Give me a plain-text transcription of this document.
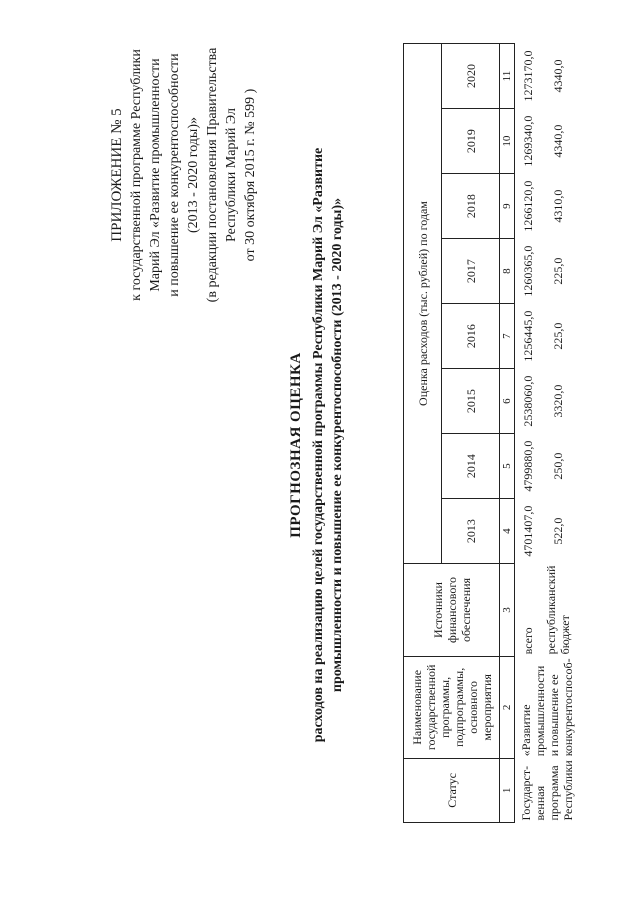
ПРИЛОЖЕНИЕ № 5 к государственной программе Республики Марий Эл «Развитие промышленности и повышение ее конкурентоспособности (2013 - 2020 годы)» (в редакции постановления Правительства Республики Марий Эл от 30 октября 2015 г. № 599 )
ПРОГНОЗНАЯ ОЦЕНКА расходов на реализацию целей государственной программы Республики Марий Эл «Развитие промышленности и повышение ее конкурентоспособности (2013 - 2020 годы)»
Статус	Наименование государственной программы, подпрограммы, основного мероприятия	Источники финансового обеспечения	Оценка расходов (тыс. рублей) по годам							
			2013	2014	2015	2016	2017	2018	2019	2020
1	2	3	4	5	6	7	8	9	10	11
Государст-венная программа Республики	«Развитие промышленности и повышение ее конкурентоспособ-	всего	4701407,0	4799880,0	2538060,0	1256445,0	1260365,0	1266120,0	1269340,0	1273170,0
		республиканский бюджет	522,0	250,0	3320,0	225,0	225,0	4310,0	4340,0	4340,0
